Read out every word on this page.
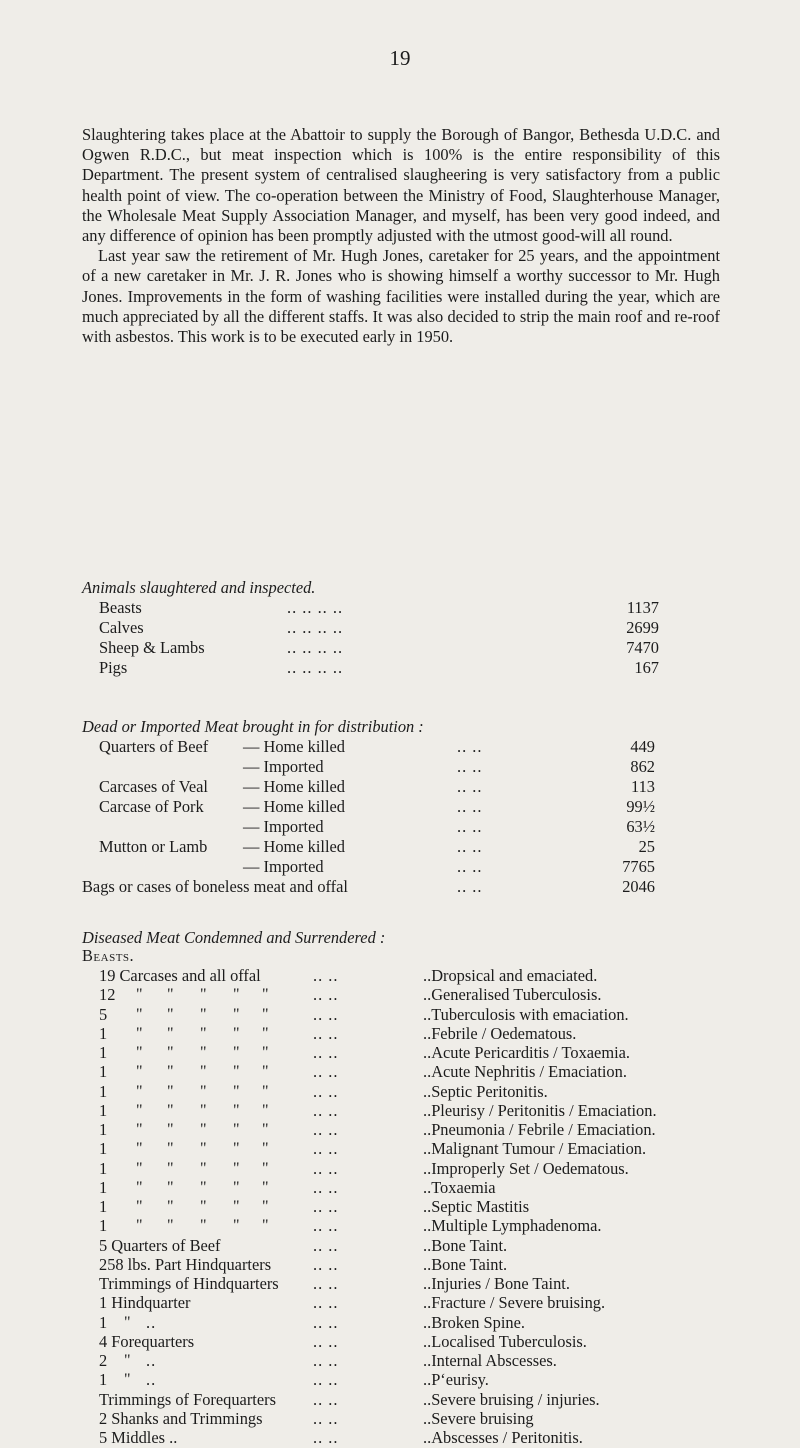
19

Slaughtering takes place at the Abattoir to supply the Borough of Bangor, Bethesda U.D.C. and Ogwen R.D.C., but meat inspection which is 100% is the entire responsibility of this Department. The present system of centralised slaugheering is very satisfactory from a public health point of view. The co-operation between the Ministry of Food, Slaughterhouse Manager, the Wholesale Meat Supply Association Manager, and myself, has been very good indeed, and any difference of opinion has been promptly adjusted with the utmost good-will all round.

Last year saw the retirement of Mr. Hugh Jones, caretaker for 25 years, and the appointment of a new caretaker in Mr. J. R. Jones who is showing himself a worthy successor to Mr. Hugh Jones. Improvements in the form of washing facilities were installed during the year, which are much appreciated by all the different staffs. It was also decided to strip the main roof and re-roof with asbestos. This work is to be executed early in 1950.

Animals slaughtered and inspected.
Beasts	.. .. .. ..	1137
Calves	.. .. .. ..	2699
Sheep & Lambs	.. .. .. ..	7470
Pigs	.. .. .. ..	167
Dead or Imported Meat brought in for distribution :
Quarters of Beef — Home killed	.. ..	449
— Imported	.. ..	862
Carcases of Veal — Home killed	.. ..	113
Carcase of Pork — Home killed	.. ..	99½
— Imported	.. ..	63½
Mutton or Lamb — Home killed	.. ..	25
— Imported	.. ..	7765
Bags or cases of boneless meat and offal	.. ..	2046
Diseased Meat Condemned and Surrendered :
Beasts.
19 Carcases and all offal	.. ..	..Dropsical and emaciated.
12 " " " " "	.. ..	..Generalised Tuberculosis.
5 " " " " "	.. ..	..Tuberculosis with emaciation.
1 " " " " "	.. ..	..Febrile / Oedematous.
1 " " " " "	.. ..	..Acute Pericarditis / Toxaemia.
1 " " " " "	.. ..	..Acute Nephritis / Emaciation.
1 " " " " "	.. ..	..Septic Peritonitis.
1 " " " " "	.. ..	..Pleurisy / Peritonitis / Emaciation.
1 " " " " "	.. ..	..Pneumonia / Febrile / Emaciation.
1 " " " " "	.. ..	..Malignant Tumour / Emaciation.
1 " " " " "	.. ..	..Improperly Set / Oedematous.
1 " " " " "	.. ..	..Toxaemia
1 " " " " "	.. ..	..Septic Mastitis
1 " " " " "	.. ..	..Multiple Lymphadenoma.
5 Quarters of Beef	.. ..	..Bone Taint.
258 lbs. Part Hindquarters	.. ..	..Bone Taint.
Trimmings of Hindquarters .. ..	..Injuries / Bone Taint.
1 Hindquarter	.. ..	..Fracture / Severe bruising.
1 " ..	.. ..	..Broken Spine.
4 Forequarters	.. ..	..Localised Tuberculosis.
2 " ..	.. ..	..Internal Abscesses.
1 " ..	.. ..	..P‘eurisy.
Trimmings of Forequarters .. ..	..Severe bruising / injuries.
2 Shanks and Trimmings	.. ..	..Severe bruising
5 Middles ..	.. ..	..Abscesses / Peritonitis.
